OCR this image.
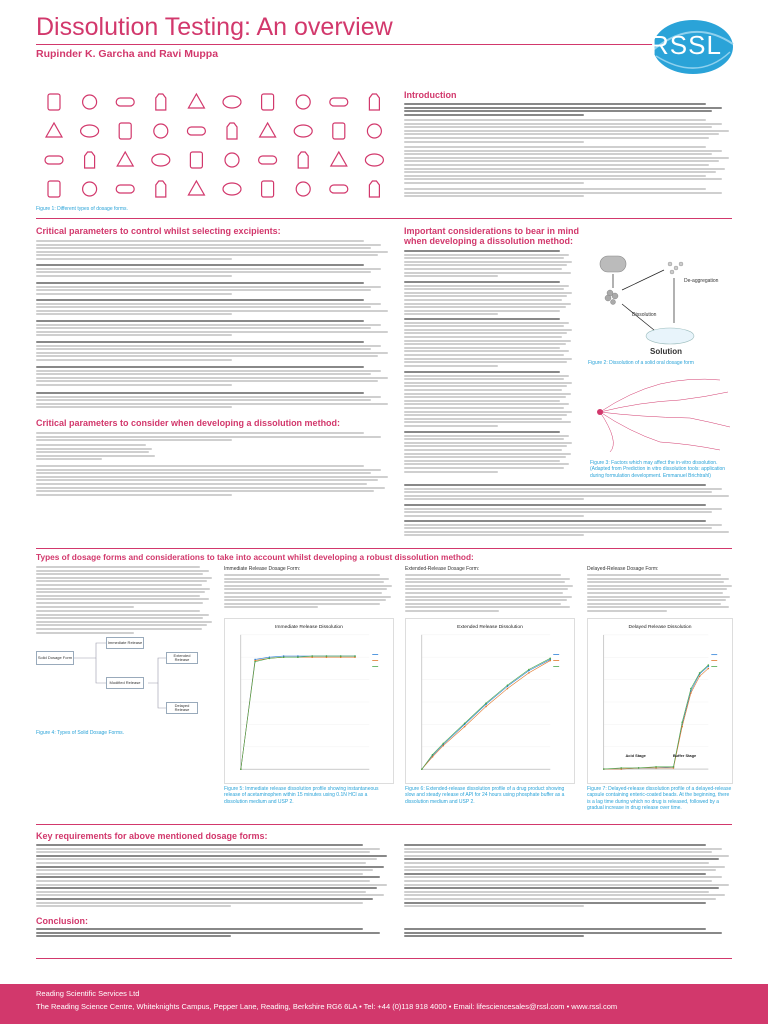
Dissolution Testing: An overview
Rupinder K. Garcha and Ravi Muppa	RSSL
Figure 1: Different types of dosage forms.
Introduction
Critical parameters to control whilst selecting excipients:
Critical parameters to consider when developing a dissolution method:
Important considerations to bear in mind when developing a dissolution method:
De-aggregation
Dissolution
Solution
Figure 2: Dissolution of a solid oral dosage form
Figure 3: Factors which may affect the in-vitro dissolution. (Adapted from Prediction in vitro dissolution tools: application during formulation development. Emmanuel Brichtrahl)
Types of dosage forms and considerations to take into account whilst developing a robust dissolution method:
Immediate Release Dosage Form:	Extended-Release Dosage Form:	Delayed-Release Dosage Form:
Solid Dosage Form
Immediate Release
Modified Release
Extended Release
Delayed Release
Figure 4: Types of Solid Dosage Forms.
Immediate Release Dissolution	Extended Release Dissolution	Delayed Release Dissolution
Acid Stage	Buffer Stage
Figure 5: Immediate release dissolution profile showing instantaneous release of acetaminophen within 15 minutes using 0.1N HCl as a dissolution medium and USP 2.
Figure 6: Extended-release dissolution profile of a drug product showing slow and steady release of API for 24 hours using phosphate buffer as a dissolution medium and USP 2.
Figure 7: Delayed-release dissolution profile of a delayed-release capsule containing enteric-coated beads. At the beginning, there is a lag time during which no drug is released, followed by a gradual increase in drug release over time.
Key requirements for above mentioned dosage forms:
Conclusion:
Reading Scientific Services Ltd
The Reading Science Centre, Whiteknights Campus, Pepper Lane, Reading, Berkshire RG6 6LA • Tel: +44 (0)118 918 4000 • Email: lifesciencesales@rssl.com • www.rssl.com
